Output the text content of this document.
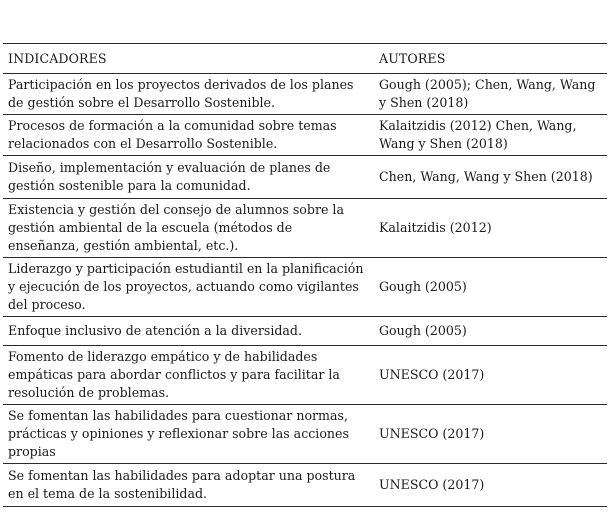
INDICADORES	AUTORES
Participación en los proyectos derivados de los planes de gestión sobre el Desarrollo Sostenible.	Gough (2005); Chen, Wang, Wang y Shen (2018)
Procesos de formación a la comunidad sobre temas relacionados con el Desarrollo Sostenible.	Kalaitzidis (2012) Chen, Wang, Wang y Shen (2018)
Diseño, implementación y evaluación de planes de gestión sostenible para la comunidad.	Chen, Wang, Wang y Shen (2018)
Existencia y gestión del consejo de alumnos sobre la gestión ambiental de la escuela (métodos de enseñanza, gestión ambiental, etc.).	Kalaitzidis (2012)
Liderazgo y participación estudiantil en la planificación y ejecución de los proyectos, actuando como vigilantes del proceso.	Gough (2005)
Enfoque inclusivo de atención a la diversidad.	Gough (2005)
Fomento de liderazgo empático y de habilidades empáticas para abordar conflictos y para facilitar la resolución de problemas.	UNESCO (2017)
Se fomentan las habilidades para cuestionar normas, prácticas y opiniones y reflexionar sobre las acciones propias	UNESCO (2017)
Se fomentan las habilidades para adoptar una postura en el tema de la sostenibilidad.	UNESCO (2017)
